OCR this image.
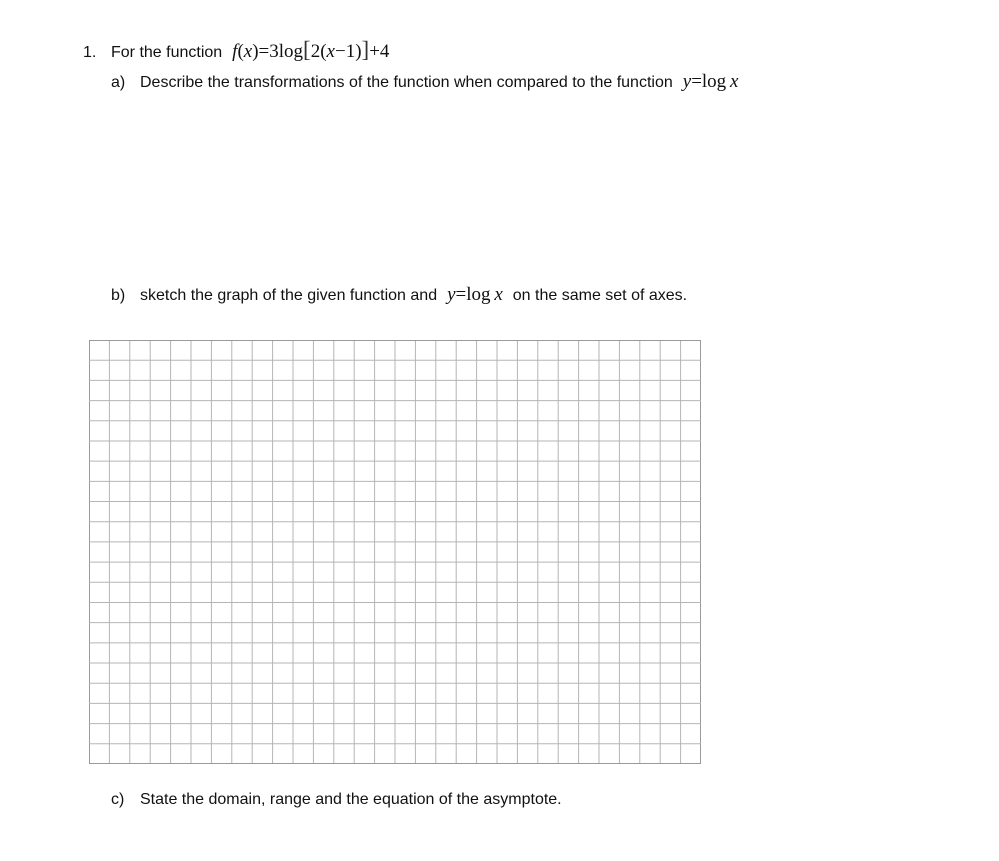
1. For the function f(x)=3log[2(x−1)]+4
a) Describe the transformations of the function when compared to the function y=log  x
b) sketch the graph of the given function and y=log  x on the same set of axes.
c) State the domain, range and the equation of the asymptote.
